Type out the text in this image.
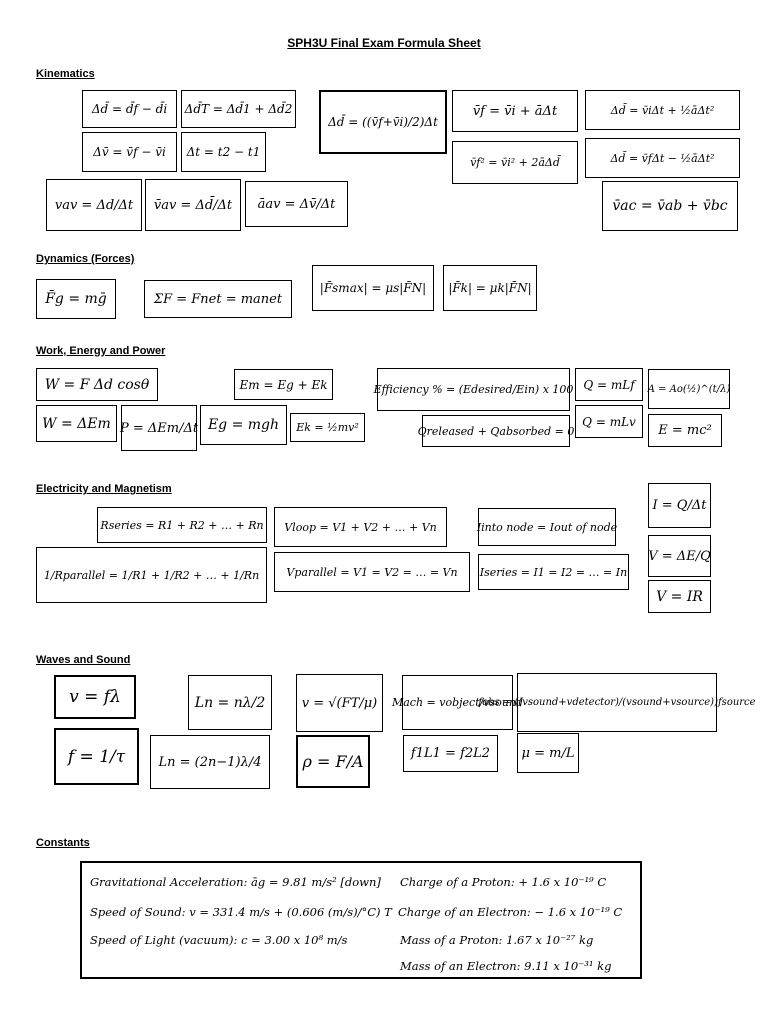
SPH3U Final Exam Formula Sheet
Kinematics
Δd̄ = d̄f − d̄i	Δd̄T = Δd̄1 + Δd̄2
Δd̄ = ((v̄f+v̄i)/2)Δt
v̄f = v̄i + āΔt	Δd̄ = v̄iΔt + ½āΔt²
Δv̄ = v̄f − v̄i	Δt = t2 − t1
v̄f² = v̄i² + 2āΔd̄	Δd̄ = v̄fΔt − ½āΔt²
vav = Δd/Δt	v̄av = Δd̄/Δt	āav = Δv̄/Δt	v̄ac = v̄ab + v̄bc
Dynamics (Forces)
F̄g = mḡ	ΣF = Fnet = manet
|F̄smax| = μs|F̄N|	|F̄k| = μk|F̄N|
Work, Energy and Power
W = F Δd cosθ	Em = Eg + Ek	Efficiency % = (Edesired/Ein) x 100 Q = mLf	A = Ao(½)^(t/λ)
W = ΔEm P = ΔEm/Δt Eg = mgh	Ek = ½mv²	Qreleased + Qabsorbed = 0
Q = mLv
E = mc²
Electricity and Magnetism
Rseries = R1 + R2 + … + Rn	Vloop = V1 + V2 + … + Vn	Iinto node = Iout of node
I = Q/Δt
1/Rparallel = 1/R1 + 1/R2 + … + 1/Rn	Vparallel = V1 = V2 = … = Vn	Iseries = I1 = I2 = … = In
V = ΔE/Q
V = IR
Waves and Sound
v = fλ	Ln = nλ/2	v = √(FT/μ)	Mach = vobject/vsound
fobs = ((vsound+vdetector)/(vsound+vsource))fsource
f = 1/τ	Ln = (2n−1)λ/4	ρ = F/A	f1L1 = f2L2	μ = m/L
Constants
Gravitational Acceleration: āg = 9.81 m/s² [down] Charge of a Proton: + 1.6 x 10⁻¹⁹ C
Speed of Sound: v = 331.4 m/s + (0.606 (m/s)/°C) T Charge of an Electron: − 1.6 x 10⁻¹⁹ C
Speed of Light (vacuum): c = 3.00 x 10⁸ m/s	Mass of a Proton: 1.67 x 10⁻²⁷ kg
Mass of an Electron: 9.11 x 10⁻³¹ kg
